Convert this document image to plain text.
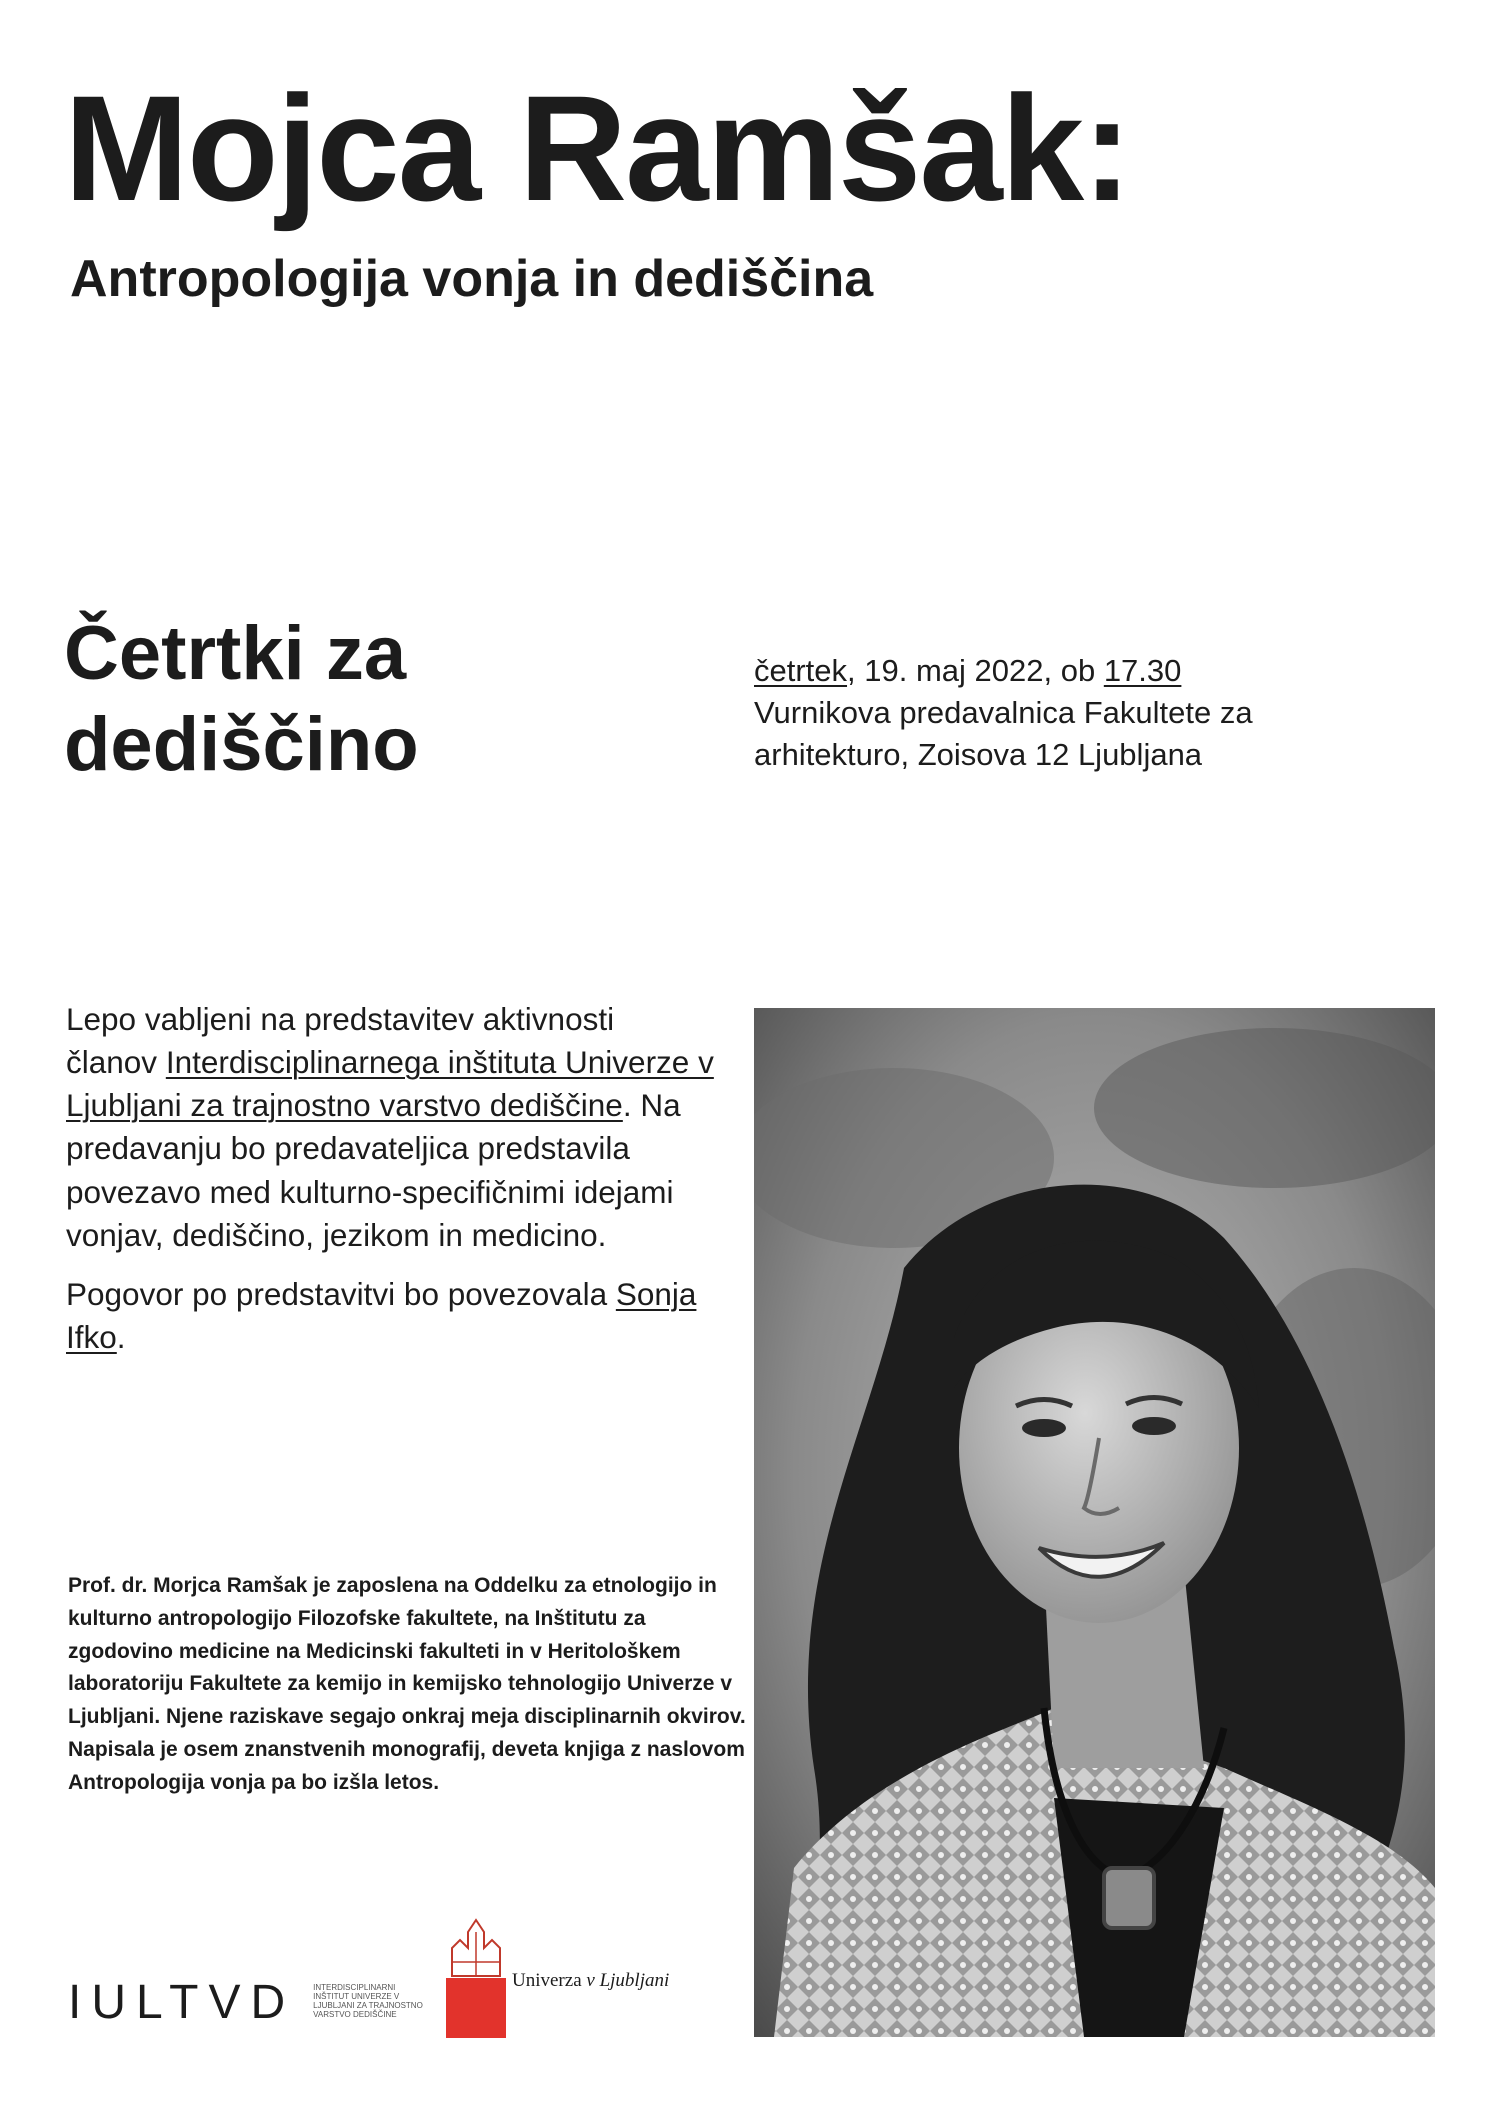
Mojca Ramšak:
Antropologija vonja in dediščina
Četrtki za
dediščino
četrtek, 19. maj 2022, ob 17.30
Vurnikova predavalnica Fakultete za
arhitekturo, Zoisova 12 Ljubljana

Lepo vabljeni na predstavitev aktivnosti
članov Interdisciplinarnega inštituta Univerze v Ljubljani za trajnostno varstvo dediščine. Na predavanju bo predavateljica predstavila povezavo med kulturno-specifičnimi idejami vonjav, dediščino, jezikom in medicino.

Pogovor po predstavitvi bo povezovala Sonja Ifko.

Prof. dr. Morjca Ramšak je zaposlena na Oddelku za etnologijo in kulturno antropologijo Filozofske fakultete, na Inštitutu za zgodovino medicine na Medicinski fakulteti in v Heritološkem laboratoriju Fakultete za kemijo in kemijsko tehnologijo Univerze v Ljubljani. Njene raziskave segajo onkraj meja disciplinarnih okvirov. Napisala je osem znanstvenih monografij, deveta knjiga z naslovom Antropologija vonja pa bo izšla letos.
IULTVD INTERDISCIPLINARNI INŠTITUT UNIVERZE V LJUBLJANI ZA TRAJNOSTNO VARSTVO DEDIŠČINE
Univerza v Ljubljani
